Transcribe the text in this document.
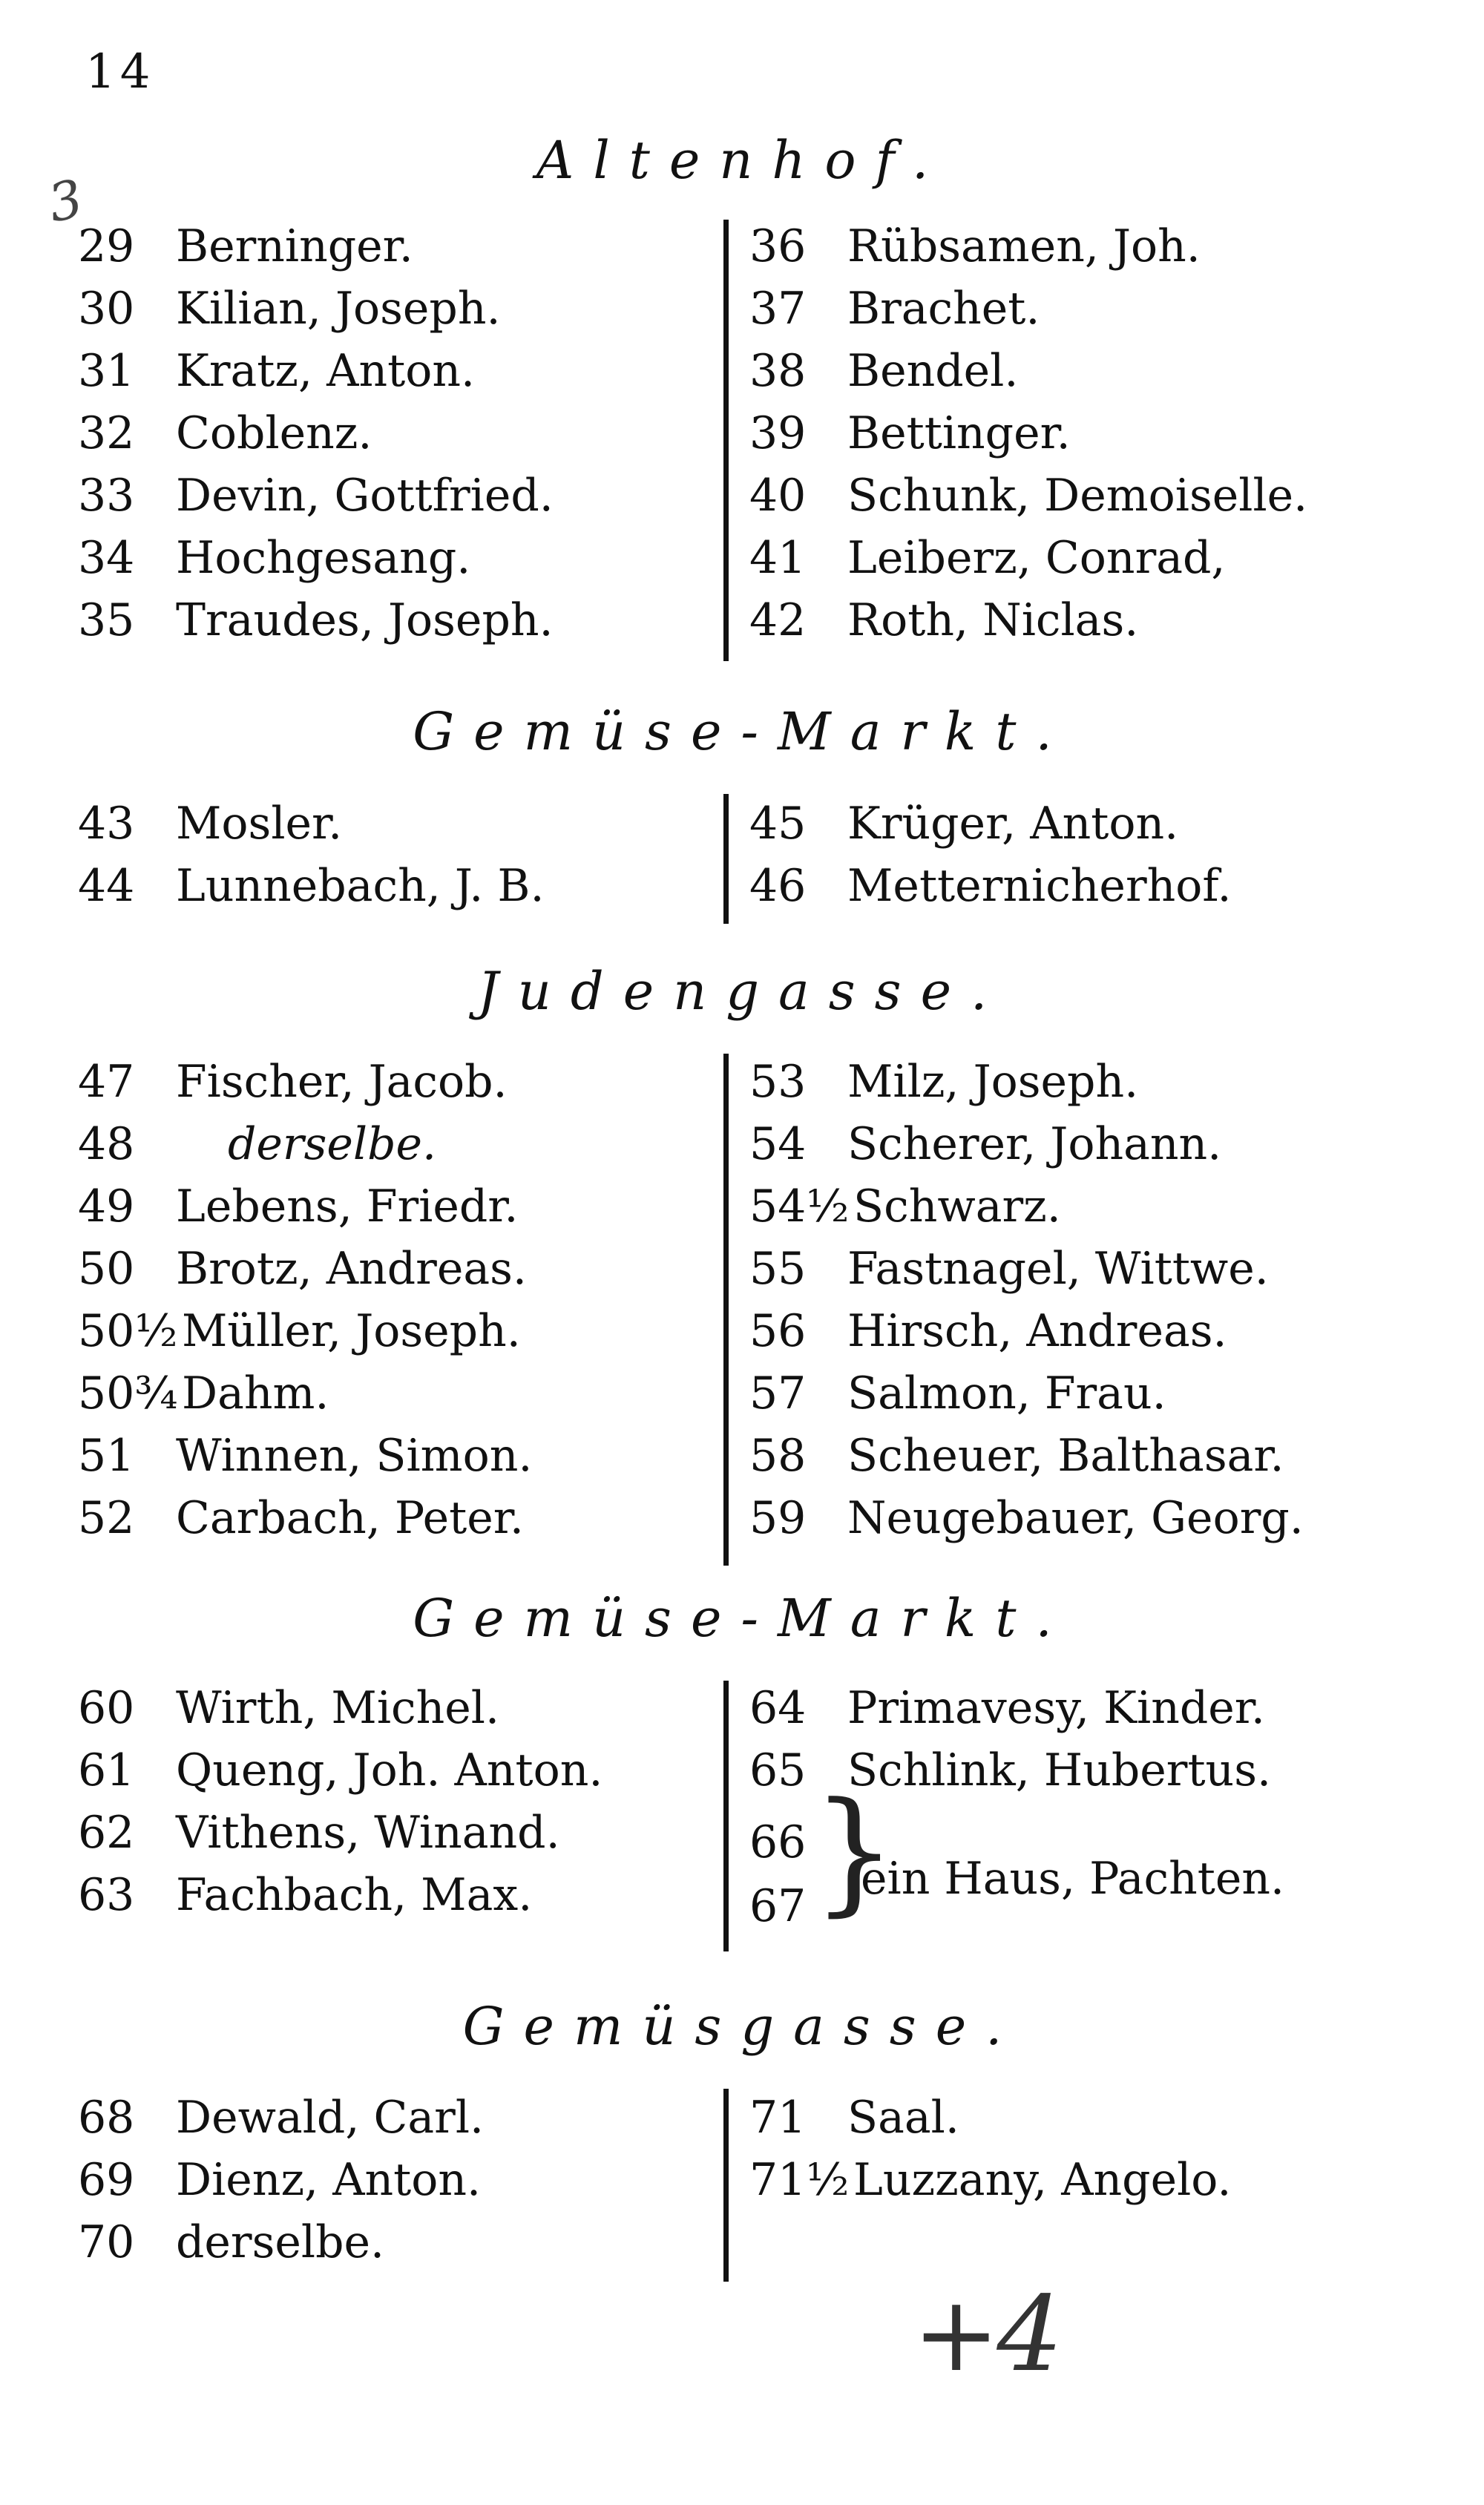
14
3
Altenhof.
29 Berninger.
30 Kilian, Joseph.
31 Kratz, Anton.
32 Coblenz.
33 Devin, Gottfried.
34 Hochgesang.
35 Traudes, Joseph.
36 Rübsamen, Joh.
37 Brachet.
38 Bendel.
39 Bettinger.
40 Schunk, Demoiselle.
41 Leiberz, Conrad,
42 Roth, Niclas.
Gemüse-Markt.
43 Mosler.
44 Lunnebach, J. B.
45 Krüger, Anton.
46 Metternicherhof.
Judengasse.
47 Fischer, Jacob.
48 derselbe.
49 Lebens, Friedr.
50 Brotz, Andreas.
50½Müller, Joseph.
50¾Dahm.
51 Winnen, Simon.
52 Carbach, Peter.
53 Milz, Joseph.
54 Scherer, Johann.
54½Schwarz.
55 Fastnagel, Wittwe.
56 Hirsch, Andreas.
57 Salmon, Frau.
58 Scheuer, Balthasar.
59 Neugebauer, Georg.
Gemüse-Markt.
60 Wirth, Michel.
61 Queng, Joh. Anton.
62 Vithens, Winand.
63 Fachbach, Max.
64 Primavesy, Kinder.
65 Schlink, Hubertus.
66
67 }
ein Haus, Pachten.
Gemüsgasse.
68 Dewald, Carl.
69 Dienz, Anton.
70 derselbe.
71 Saal.
71½Luzzany, Angelo.
+4
